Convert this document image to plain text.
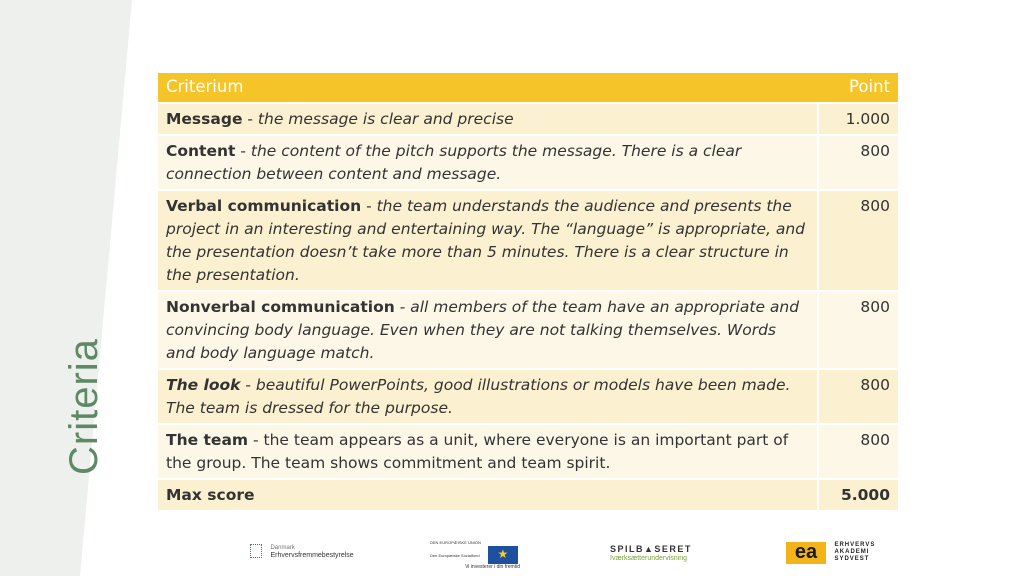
Criteria
Criterium	Point
Message - the message is clear and precise	1.000
Content - the content of the pitch supports the message. There is a clear connection between content and message.	800
Verbal communication - the team understands the audience and presents the project in an interesting and entertaining way. The “language” is appropriate, and the presentation doesn’t take more than 5 minutes. There is a clear structure in the presentation.	800
Nonverbal communication - all members of the team have an appropriate and convincing body language. Even when they are not talking themselves. Words and body language match.	800
The look - beautiful PowerPoints, good illustrations or models have been made. The team is dressed for the purpose.	800
The team - the team appears as a unit, where everyone is an important part of the group. The team shows commitment and team spirit.	800
Max score	5.000

Danmark
Erhvervsfremmebestyrelse
DEN EUROPÆISKE UNION
Den Europæiske Socialfond ★
Vi investerer i din fremtid
SPILB▲SERET
Iværksætterundervisning	ea	ERHVERVS
AKADEMI
SYDVEST
